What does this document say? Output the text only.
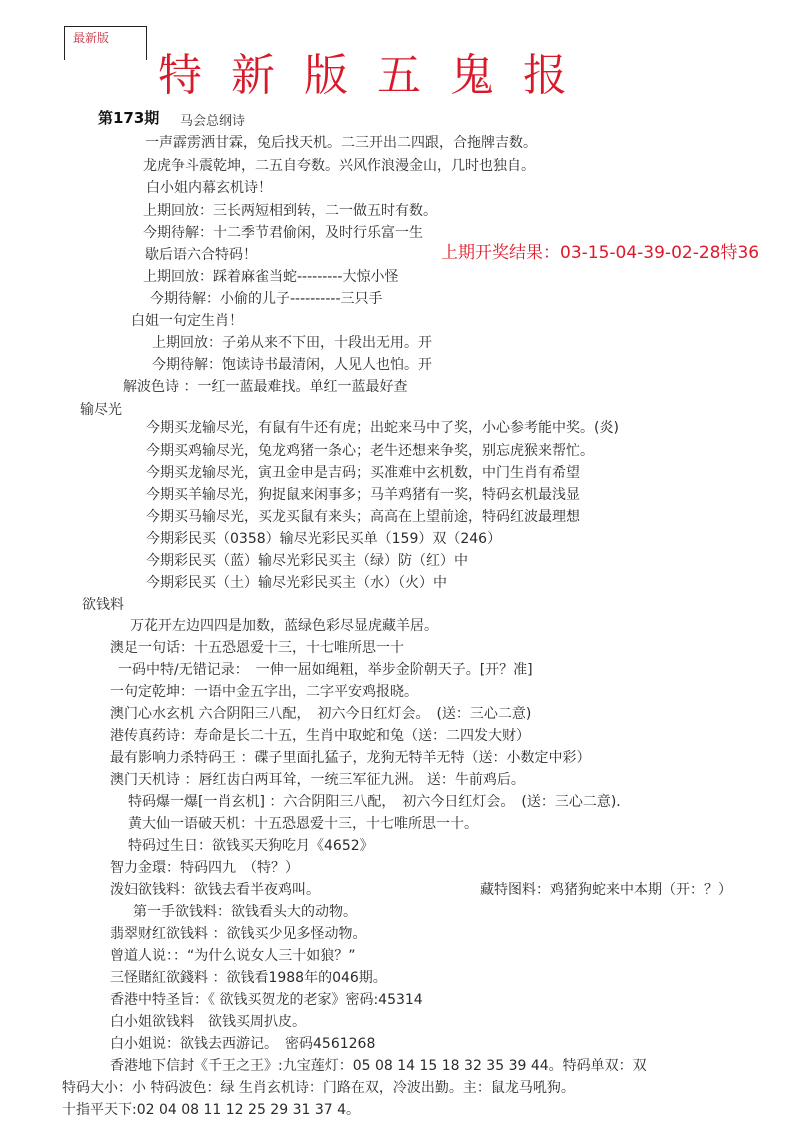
最新版
特 新 版 五 鬼 报
第173期 马会总纲诗
上期开奖结果：03-15-04-39-02-28特36
一声霹雳洒甘霖，兔后找天机。二三开出二四跟，合拖牌吉数。
龙虎争斗震乾坤，二五自夸数。兴风作浪漫金山，几时也独自。
白小姐内幕玄机诗！
上期回放：三长两短相到转，二一做五时有数。
今期待解：十二季节君偷闲，及时行乐富一生
歇后语六合特码！
上期回放：踩着麻雀当蛇---------大惊小怪
今期待解：小偷的儿子----------三只手
白姐一句定生肖！
上期回放：子弟从来不下田，十段出无用。开
今期待解：饱读诗书最清闲，人见人也怕。开
解波色诗 ：一红一蓝最难找。单红一蓝最好查
输尽光
今期买龙输尽光，有鼠有牛还有虎；出蛇来马中了奖，小心参考能中奖。(炎)
今期买鸡输尽光，兔龙鸡猪一条心；老牛还想来争奖，别忘虎猴来帮忙。
今期买龙输尽光，寅丑金申是吉码；买准难中玄机数，中门生肖有希望
今期买羊输尽光，狗捉鼠来闲事多；马羊鸡猪有一奖，特码玄机最浅显
今期买马输尽光，买龙买鼠有来头；高高在上望前途，特码红波最理想
今期彩民买（0358）输尽光彩民买单（159）双（246）
今期彩民买（蓝）输尽光彩民买主（绿）防（红）中
今期彩民买（土）输尽光彩民买主（水）（火）中
欲钱料
万花开左边四四是加数，蓝绿色彩尽显虎藏羊居。
澳足一句话：十五恐恩爱十三，十七唯所思一十
一码中特/无错记录：　一伸一屈如绳粗，举步金阶朝天子。[开？准]
一句定乾坤：一语中金五字出，二字平安鸡报晓。
澳门心水玄机 六合阴阳三八配，　初六今日红灯会。　(送：三心二意)
港传真药诗：寿命是长二十五，生肖中取蛇和兔（送：二四发大财）
最有影响力杀特码王 ：碟子里面扎猛子，龙狗无特羊无特（送：小数定中彩）
澳门天机诗 ：唇红齿白两耳耸，一统三军征九洲。 送：牛前鸡后。
特码爆一爆[一肖玄机] ：六合阴阳三八配，　初六今日红灯会。　(送：三心二意)．
黄大仙一语破天机：十五恐恩爱十三，十七唯所思一十。
特码过生日：欲钱买天狗吃月《4652》
智力金環：特码四九　（特？）
泼妇欲钱料：欲钱去看半夜鸡叫。	藏特图料：鸡猪狗蛇来中本期（开：？）
第一手欲钱料：欲钱看头大的动物。
翡翠财红欲钱料 ：欲钱买少见多怪动物。
曾道人说：：“为什么说女人三十如狼？”
三怪賭紅欲錢料 ：欲钱看1988年的046期。
香港中特圣旨：《 欲钱买贺龙的老家》密码:45314
白小姐欲钱料　欲钱买周扒皮。
白小姐说：欲钱去西游记。　密码4561268
香港地下信封《千王之王》:九宝莲灯：05 08 14 15 18 32 35 39 44。特码单双：双
特码大小：小 特码波色：绿 生肖玄机诗：门路在双，冷波出勤。主：鼠龙马吼狗。
十指平天下:02 04 08 11 12 25 29 31 37 4。
